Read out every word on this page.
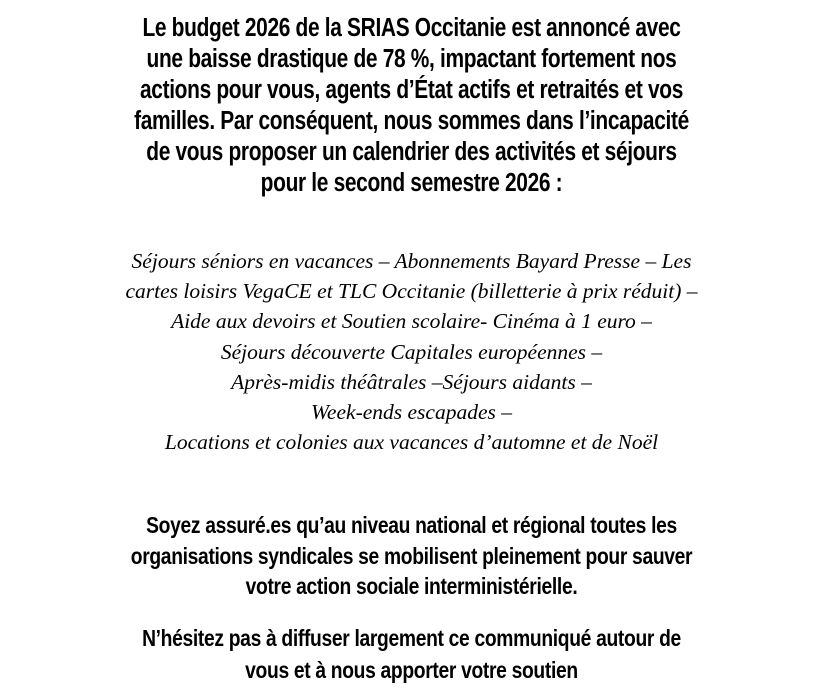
Le budget 2026 de la SRIAS Occitanie est annoncé avec
une baisse drastique de 78 %, impactant fortement nos
actions pour vous, agents d’État actifs et retraités et vos
familles. Par conséquent, nous sommes dans l’incapacité
de vous proposer un calendrier des activités et séjours
pour le second semestre 2026 :

Séjours séniors en vacances – Abonnements Bayard Presse – Les
cartes loisirs VegaCE et TLC Occitanie (billetterie à prix réduit) –
Aide aux devoirs et Soutien scolaire- Cinéma à 1 euro –
Séjours découverte Capitales européennes –
Après-midis théâtrales –Séjours aidants –
Week-ends escapades –
Locations et colonies aux vacances d’automne et de Noël

Soyez assuré.es qu’au niveau national et régional toutes les
organisations syndicales se mobilisent pleinement pour sauver
votre action sociale interministérielle.

N’hésitez pas à diffuser largement ce communiqué autour de
vous et à nous apporter votre soutien
